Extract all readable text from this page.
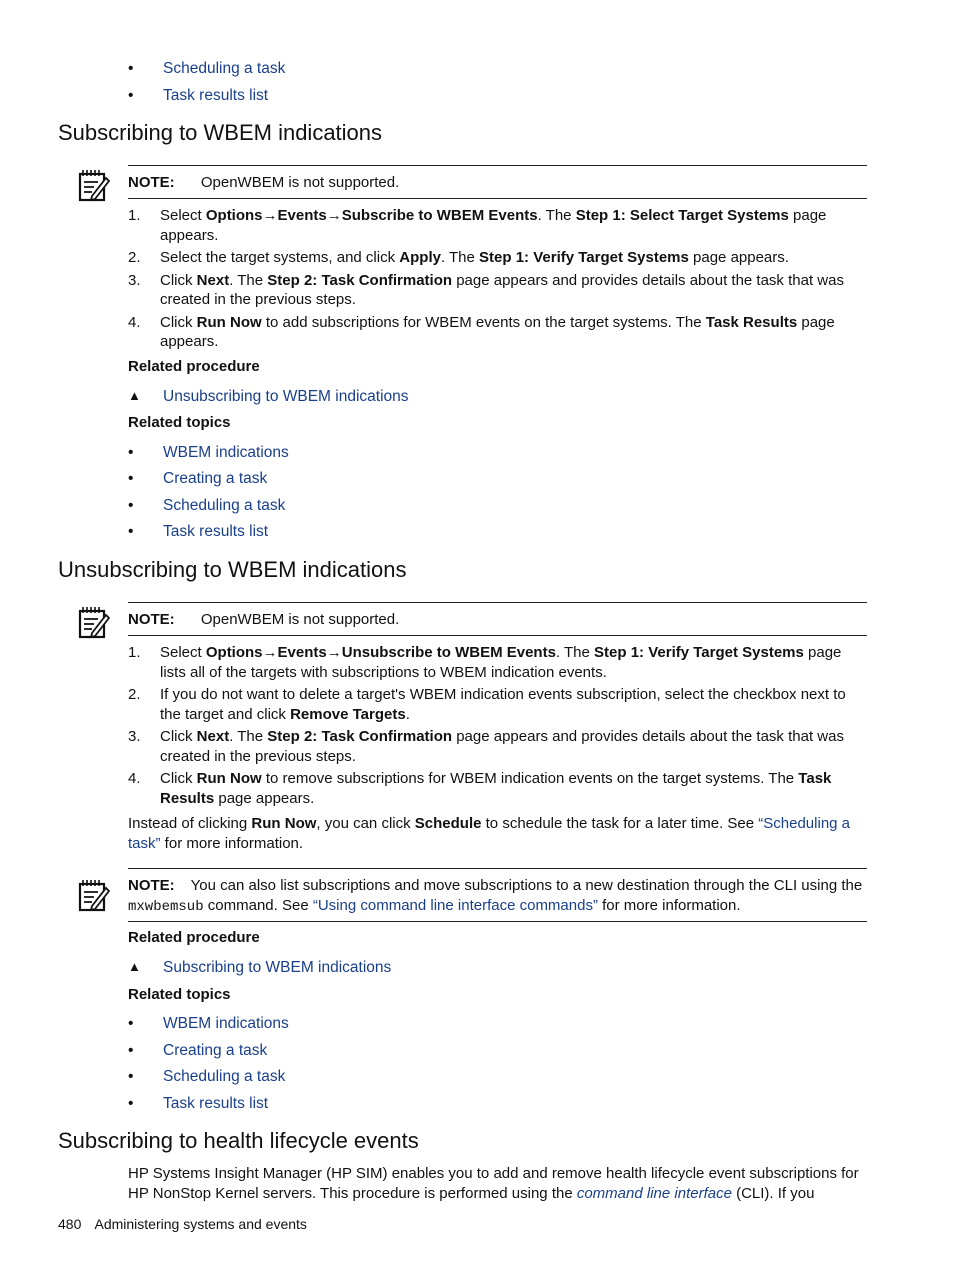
•	Scheduling a task
•	Task results list
Subscribing to WBEM indications
NOTE: OpenWBEM is not supported.
1. Select Options→Events→Subscribe to WBEM Events. The Step 1: Select Target Systems page appears.
2. Select the target systems, and click Apply. The Step 1: Verify Target Systems page appears.
3. Click Next. The Step 2: Task Confirmation page appears and provides details about the task that was created in the previous steps.
4. Click Run Now to add subscriptions for WBEM events on the target systems. The Task Results page appears.
Related procedure
▲ Unsubscribing to WBEM indications
Related topics
•	WBEM indications
•	Creating a task
•	Scheduling a task
•	Task results list
Unsubscribing to WBEM indications
NOTE: OpenWBEM is not supported.
1. Select Options→Events→Unsubscribe to WBEM Events. The Step 1: Verify Target Systems page lists all of the targets with subscriptions to WBEM indication events.
2. If you do not want to delete a target's WBEM indication events subscription, select the checkbox next to the target and click Remove Targets.
3. Click Next. The Step 2: Task Confirmation page appears and provides details about the task that was created in the previous steps.
4. Click Run Now to remove subscriptions for WBEM indication events on the target systems. The Task Results page appears.
Instead of clicking Run Now, you can click Schedule to schedule the task for a later time. See “Scheduling a task” for more information.
NOTE: You can also list subscriptions and move subscriptions to a new destination through the CLI using the mxwbemsub command. See “Using command line interface commands” for more information.
Related procedure
▲ Subscribing to WBEM indications
Related topics
•	WBEM indications
•	Creating a task
•	Scheduling a task
•	Task results list
Subscribing to health lifecycle events
HP Systems Insight Manager (HP SIM) enables you to add and remove health lifecycle event subscriptions for HP NonStop Kernel servers. This procedure is performed using the command line interface (CLI). If you
480 Administering systems and events
